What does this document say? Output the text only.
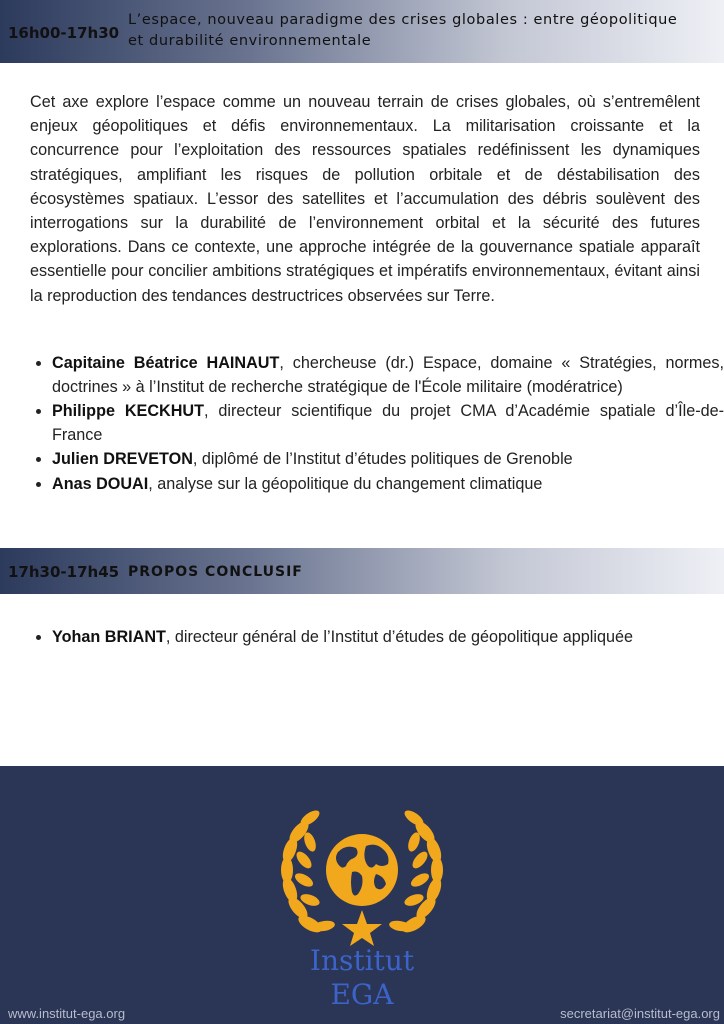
16h00-17h30
L’espace, nouveau paradigme des crises globales : entre géopolitique et durabilité environnementale
Cet axe explore l’espace comme un nouveau terrain de crises globales, où s’entremêlent enjeux géopolitiques et défis environnementaux. La militarisation croissante et la concurrence pour l’exploitation des ressources spatiales redéfinissent les dynamiques stratégiques, amplifiant les risques de pollution orbitale et de déstabilisation des écosystèmes spatiaux. L’essor des satellites et l’accumulation des débris soulèvent des interrogations sur la durabilité de l’environnement orbital et la sécurité des futures explorations. Dans ce contexte, une approche intégrée de la gouvernance spatiale apparaît essentielle pour concilier ambitions stratégiques et impératifs environnementaux, évitant ainsi la reproduction des tendances destructrices observées sur Terre.
• Capitaine Béatrice HAINAUT, chercheuse (dr.) Espace, domaine « Stratégies, normes, doctrines » à l’Institut de recherche stratégique de l'École militaire (modératrice)
• Philippe KECKHUT, directeur scientifique du projet CMA d’Académie spatiale d’Île-de-France
• Julien DREVETON, diplômé de l’Institut d’études politiques de Grenoble
• Anas DOUAI, analyse sur la géopolitique du changement climatique
17h30-17h45 PROPOS CONCLUSIF
• Yohan BRIANT, directeur général de l’Institut d’études de géopolitique appliquée
Institut
EGA
www.institut-ega.org	secretariat@institut-ega.org
